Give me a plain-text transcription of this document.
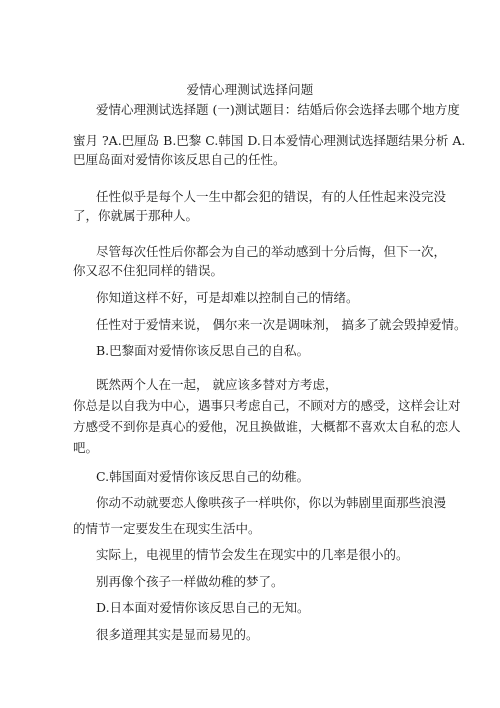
爱情心理测试选择问题
爱情心理测试选择题 (一)测试题目：结婚后你会选择去哪个地方度
蜜月 ?A.巴厘岛 B.巴黎 C.韩国 D.日本爱情心理测试选择题结果分析 A.
巴厘岛面对爱情你该反思自己的任性。
任性似乎是每个人一生中都会犯的错误，有的人任性起来没完没
了，你就属于那种人。
尽管每次任性后你都会为自己的举动感到十分后悔，但下一次，
你又忍不住犯同样的错误。
你知道这样不好，可是却难以控制自己的情绪。
任性对于爱情来说， 偶尔来一次是调味剂， 搞多了就会毁掉爱情。
B.巴黎面对爱情你该反思自己的自私。
既然两个人在一起， 就应该多替对方考虑，
你总是以自我为中心，遇事只考虑自己，不顾对方的感受，这样会让对
方感受不到你是真心的爱他，况且换做谁，大概都不喜欢太自私的恋人
吧。
C.韩国面对爱情你该反思自己的幼稚。
你动不动就要恋人像哄孩子一样哄你，你以为韩剧里面那些浪漫
的情节一定要发生在现实生活中。
实际上，电视里的情节会发生在现实中的几率是很小的。
别再像个孩子一样做幼稚的梦了。
D.日本面对爱情你该反思自己的无知。
很多道理其实是显而易见的。
